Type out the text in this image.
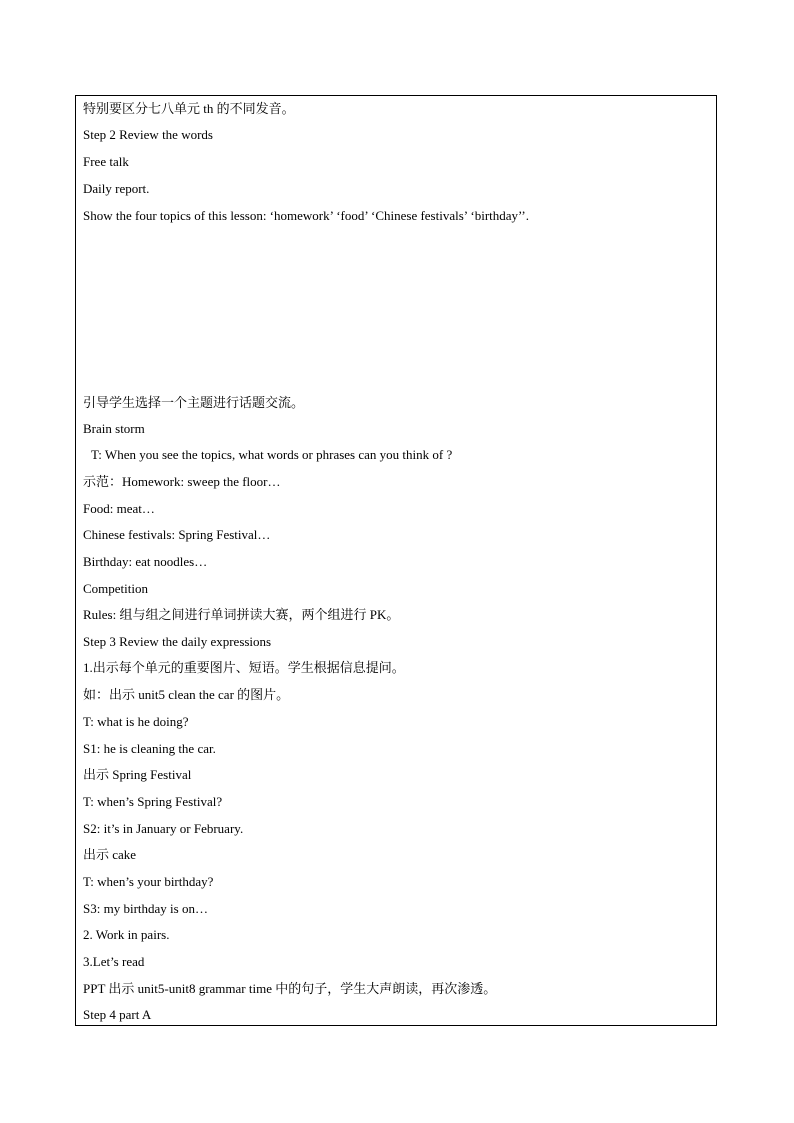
特别要区分七八单元 th 的不同发音。
Step 2 Review the words
Free talk
Daily report.
Show the four topics of this lesson: ‘homework’ ‘food’ ‘Chinese festivals’ ‘birthday’’.
引导学生选择一个主题进行话题交流。
Brain storm
T: When you see the topics, what words or phrases can you think of ?
示范：Homework: sweep the floor…
Food: meat…
Chinese festivals: Spring Festival…
Birthday: eat noodles…
Competition
Rules: 组与组之间进行单词拼读大赛，两个组进行 PK。
Step 3 Review the daily expressions
1.出示每个单元的重要图片、短语。学生根据信息提问。
如：出示 unit5 clean the car 的图片。
T: what is he doing?
S1: he is cleaning the car.
出示 Spring Festival
T: when’s Spring Festival?
S2: it’s in January or February.
出示 cake
T: when’s your birthday?
S3: my birthday is on…
2. Work in pairs.
3.Let’s read
PPT 出示 unit5-unit8 grammar time 中的句子，学生大声朗读，再次渗透。
Step 4 part A
